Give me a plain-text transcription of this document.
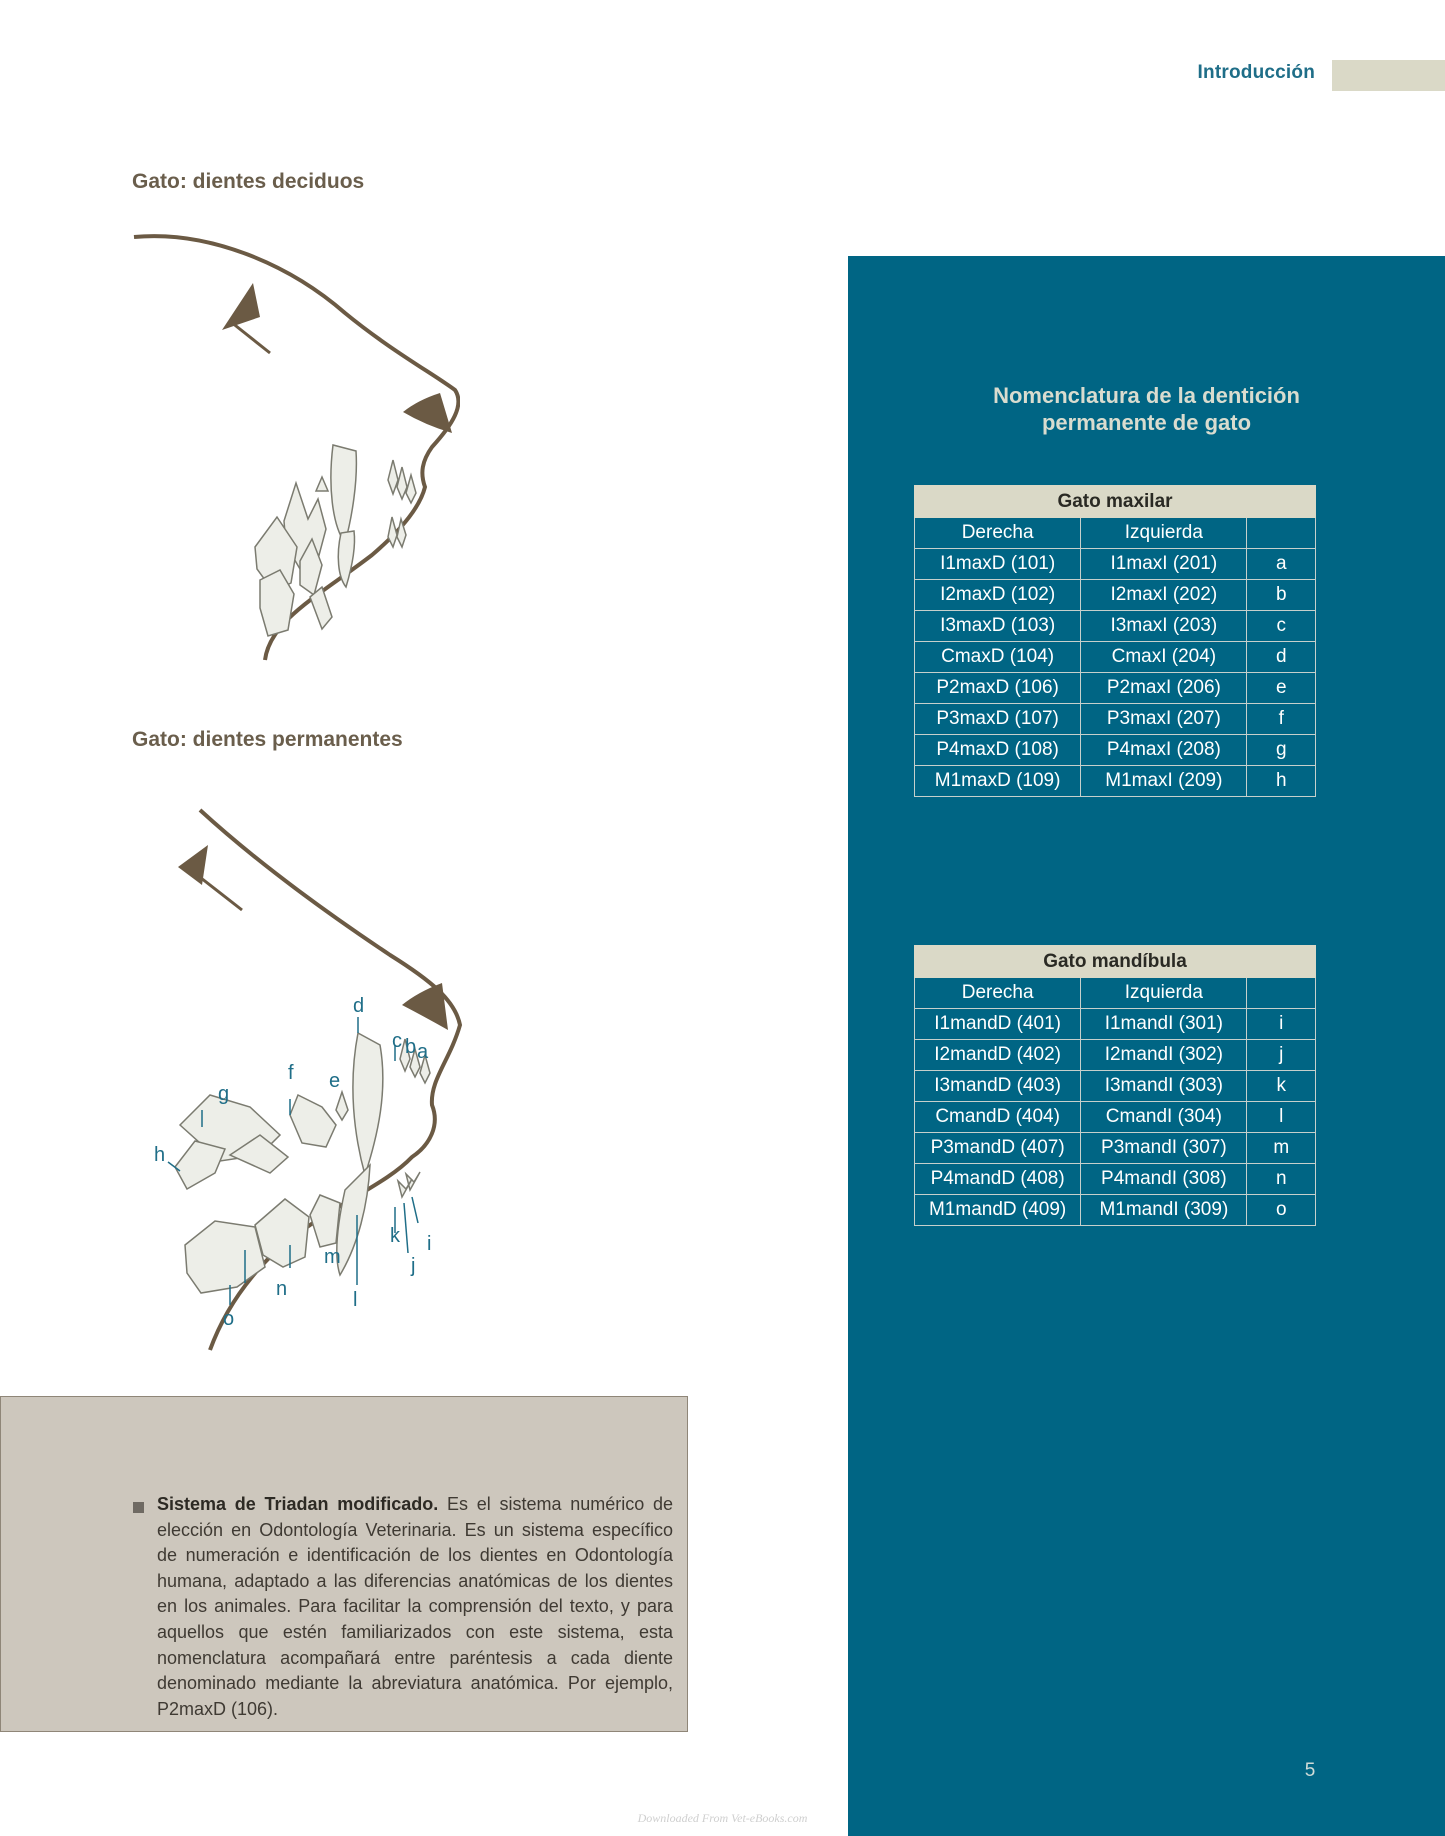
Introducción
Gato: dientes deciduos
Gato: dientes permanentes
a
b
c
d
e
f
g
h
i
j
k
l
m
n
o
Nomenclatura de la dentición
permanente de gato
Gato maxilar		
Derecha	Izquierda	
I1maxD (101)	I1maxI (201)	a
I2maxD (102)	I2maxI (202)	b
I3maxD (103)	I3maxI (203)	c
CmaxD (104)	CmaxI (204)	d
P2maxD (106)	P2maxI (206)	e
P3maxD (107)	P3maxI (207)	f
P4maxD (108)	P4maxI (208)	g
M1maxD (109)	M1maxI (209)	h
Gato mandíbula		
Derecha	Izquierda	
I1mandD (401)	I1mandI (301)	i
I2mandD (402)	I2mandI (302)	j
I3mandD (403)	I3mandI (303)	k
CmandD (404)	CmandI (304)	l
P3mandD (407)	P3mandI (307)	m
P4mandD (408)	P4mandI (308)	n
M1mandD (409)	M1mandI (309)	o
5
Sistema de Triadan modificado. Es el sistema numérico de elección en Odontología Veterinaria. Es un sistema específico de numeración e identificación de los dientes en Odontología humana, adaptado a las diferencias anatómicas de los dientes en los animales. Para facilitar la comprensión del texto, y para aquellos que estén familiarizados con este sistema, esta nomenclatura acompañará entre paréntesis a cada diente denominado mediante la abreviatura anatómica. Por ejemplo, P2maxD (106).
Downloaded From Vet-eBooks.com
